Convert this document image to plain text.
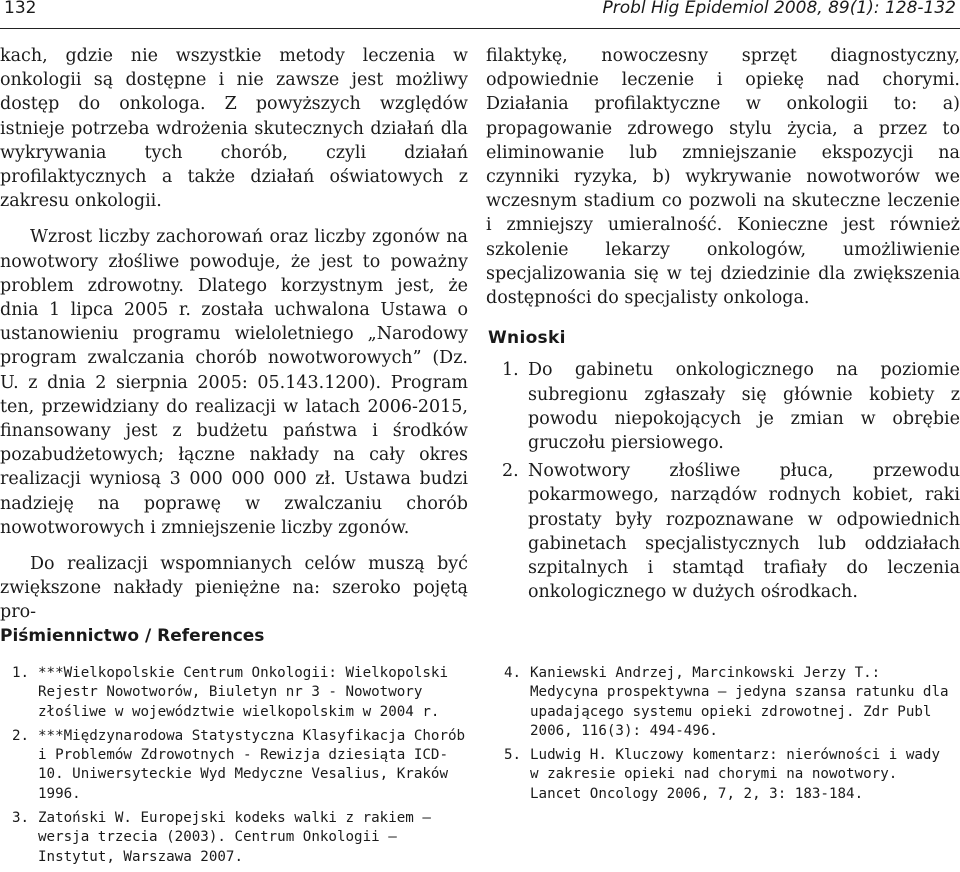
132	Probl Hig Epidemiol 2008, 89(1): 128-132

kach, gdzie nie wszystkie metody leczenia w onkologii są dostępne i nie zawsze jest możliwy dostęp do onkologa. Z powyższych względów istnieje potrzeba wdrożenia skutecznych działań dla wykrywania tych chorób, czyli działań profilaktycznych a także działań oświatowych z zakresu onkologii.

Wzrost liczby zachorowań oraz liczby zgonów na nowotwory złośliwe powoduje, że jest to poważny problem zdrowotny. Dlatego korzystnym jest, że dnia 1 lipca 2005 r. została uchwalona Ustawa o ustanowieniu programu wieloletniego „Narodowy program zwalczania chorób nowotworowych” (Dz. U. z dnia 2 sierpnia 2005: 05.143.1200). Program ten, przewidziany do realizacji w latach 2006-2015, finansowany jest z budżetu państwa i środków pozabudżetowych; łączne nakłady na cały okres realizacji wyniosą 3 000 000 000 zł. Ustawa budzi nadzieję na poprawę w zwalczaniu chorób nowotworowych i zmniejszenie liczby zgonów.

Do realizacji wspomnianych celów muszą być zwiększone nakłady pieniężne na: szeroko pojętą pro-

filaktykę, nowoczesny sprzęt diagnostyczny, odpowiednie leczenie i opiekę nad chorymi. Działania profilaktyczne w onkologii to: a) propagowanie zdrowego stylu życia, a przez to eliminowanie lub zmniejszanie ekspozycji na czynniki ryzyka, b) wykrywanie nowotworów we wczesnym stadium co pozwoli na skuteczne leczenie i zmniejszy umieralność. Konieczne jest również szkolenie lekarzy onkologów, umożliwienie specjalizowania się w tej dziedzinie dla zwiększenia dostępności do specjalisty onkologa.

Wnioski
1. Do gabinetu onkologicznego na poziomie subregionu zgłaszały się głównie kobiety z powodu niepokojących je zmian w obrębie gruczołu piersiowego.
2. Nowotwory złośliwe płuca, przewodu pokarmowego, narządów rodnych kobiet, raki prostaty były rozpoznawane w odpowiednich gabinetach specjalistycznych lub oddziałach szpitalnych i stamtąd trafiały do leczenia onkologicznego w dużych ośrodkach.
Piśmiennictwo / References
1. ***Wielkopolskie Centrum Onkologii: Wielkopolski Rejestr Nowotworów, Biuletyn nr 3 - Nowotwory złośliwe w województwie wielkopolskim w 2004 r.
2. ***Międzynarodowa Statystyczna Klasyfikacja Chorób i Problemów Zdrowotnych - Rewizja dziesiąta ICD-10. Uniwersyteckie Wyd Medyczne Vesalius, Kraków 1996.
3. Zatoński W. Europejski kodeks walki z rakiem – wersja trzecia (2003). Centrum Onkologii – Instytut, Warszawa 2007.
4. Kaniewski Andrzej, Marcinkowski Jerzy T.: Medycyna prospektywna – jedyna szansa ratunku dla upadającego systemu opieki zdrowotnej. Zdr Publ 2006, 116(3): 494-496.
5. Ludwig H. Kluczowy komentarz: nierówności i wady w zakresie opieki nad chorymi na nowotwory. Lancet Oncology 2006, 7, 2, 3: 183-184.
